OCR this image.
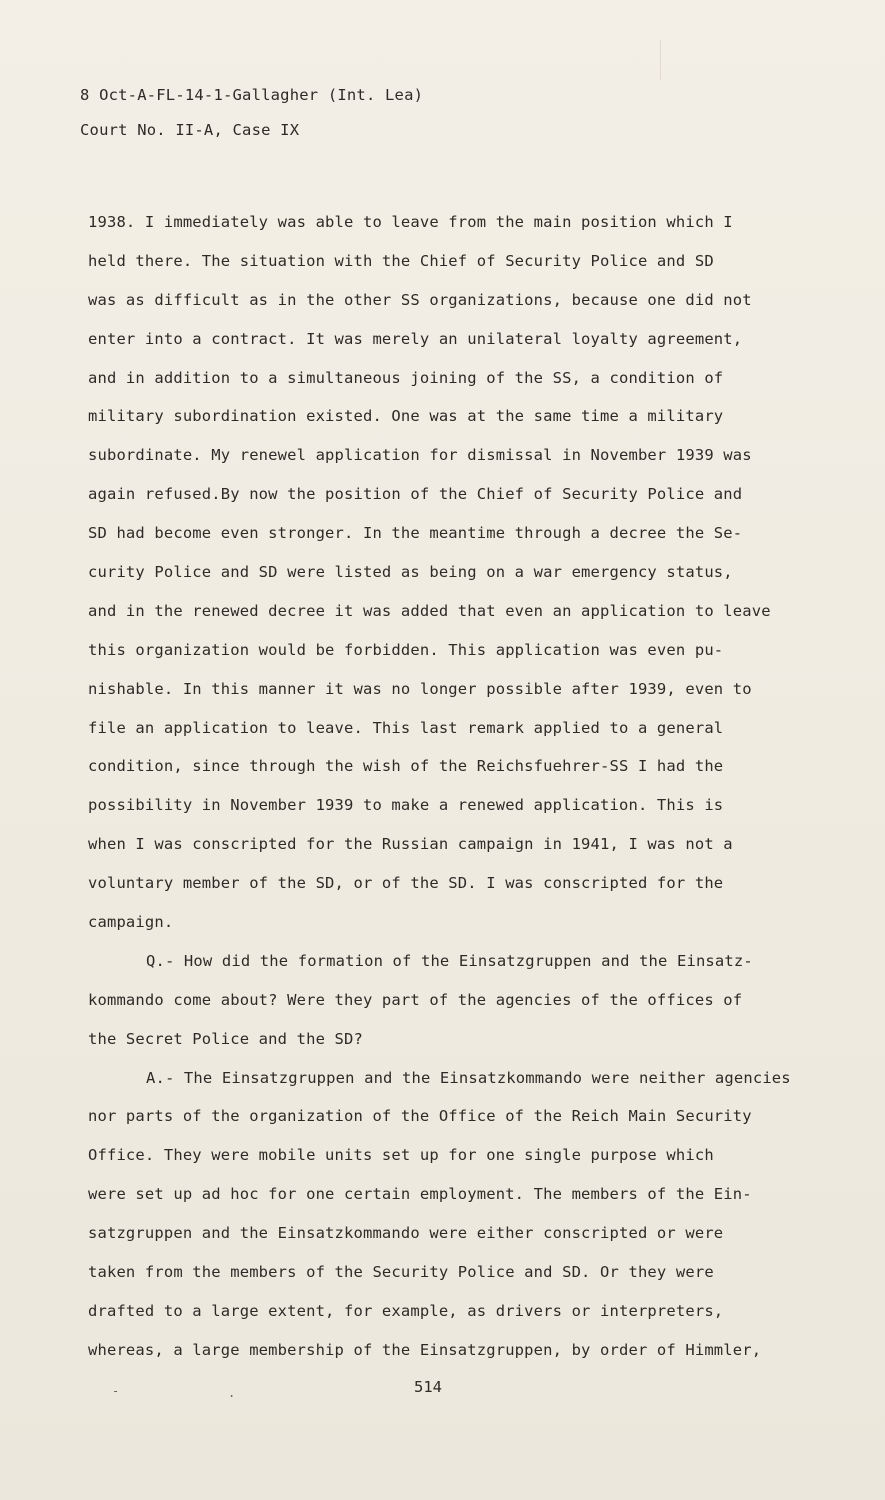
8 Oct-A-FL-14-1-Gallagher (Int. Lea)
Court No. II-A, Case IX
1938. I immediately was able to leave from the main position which I
held there. The situation with the Chief of Security Police and SD
was as difficult as in the other SS organizations, because one did not
enter into a contract. It was merely an unilateral loyalty agreement,
and in addition to a simultaneous joining of the SS, a condition of
military subordination existed. One was at the same time a military
subordinate. My renewel application for dismissal in November 1939 was
again refused.By now the position of the Chief of Security Police and
SD had become even stronger. In the meantime through a decree the Se-
curity Police and SD were listed as being on a war emergency status,
and in the renewed decree it was added that even an application to leave
this organization would be forbidden. This application was even pu-
nishable. In this manner it was no longer possible after 1939, even to
file an application to leave. This last remark applied to a general
condition, since through the wish of the Reichsfuehrer-SS I had the
possibility in November 1939 to make a renewed application. This is
when I was conscripted for the Russian campaign in 1941, I was not a
voluntary member of the SD, or of the SD. I was conscripted for the
campaign.
Q.- How did the formation of the Einsatzgruppen and the Einsatz-
kommando come about? Were they part of the agencies of the offices of
the Secret Police and the SD?
A.- The Einsatzgruppen and the Einsatzkommando were neither agencies
nor parts of the organization of the Office of the Reich Main Security
Office. They were mobile units set up for one single purpose which
were set up ad hoc for one certain employment. The members of the Ein-
satzgruppen and the Einsatzkommando were either conscripted or were
taken from the members of the Security Police and SD. Or they were
drafted to a large extent, for example, as drivers or interpreters,
whereas, a large membership of the Einsatzgruppen, by order of Himmler,
-	.	514
